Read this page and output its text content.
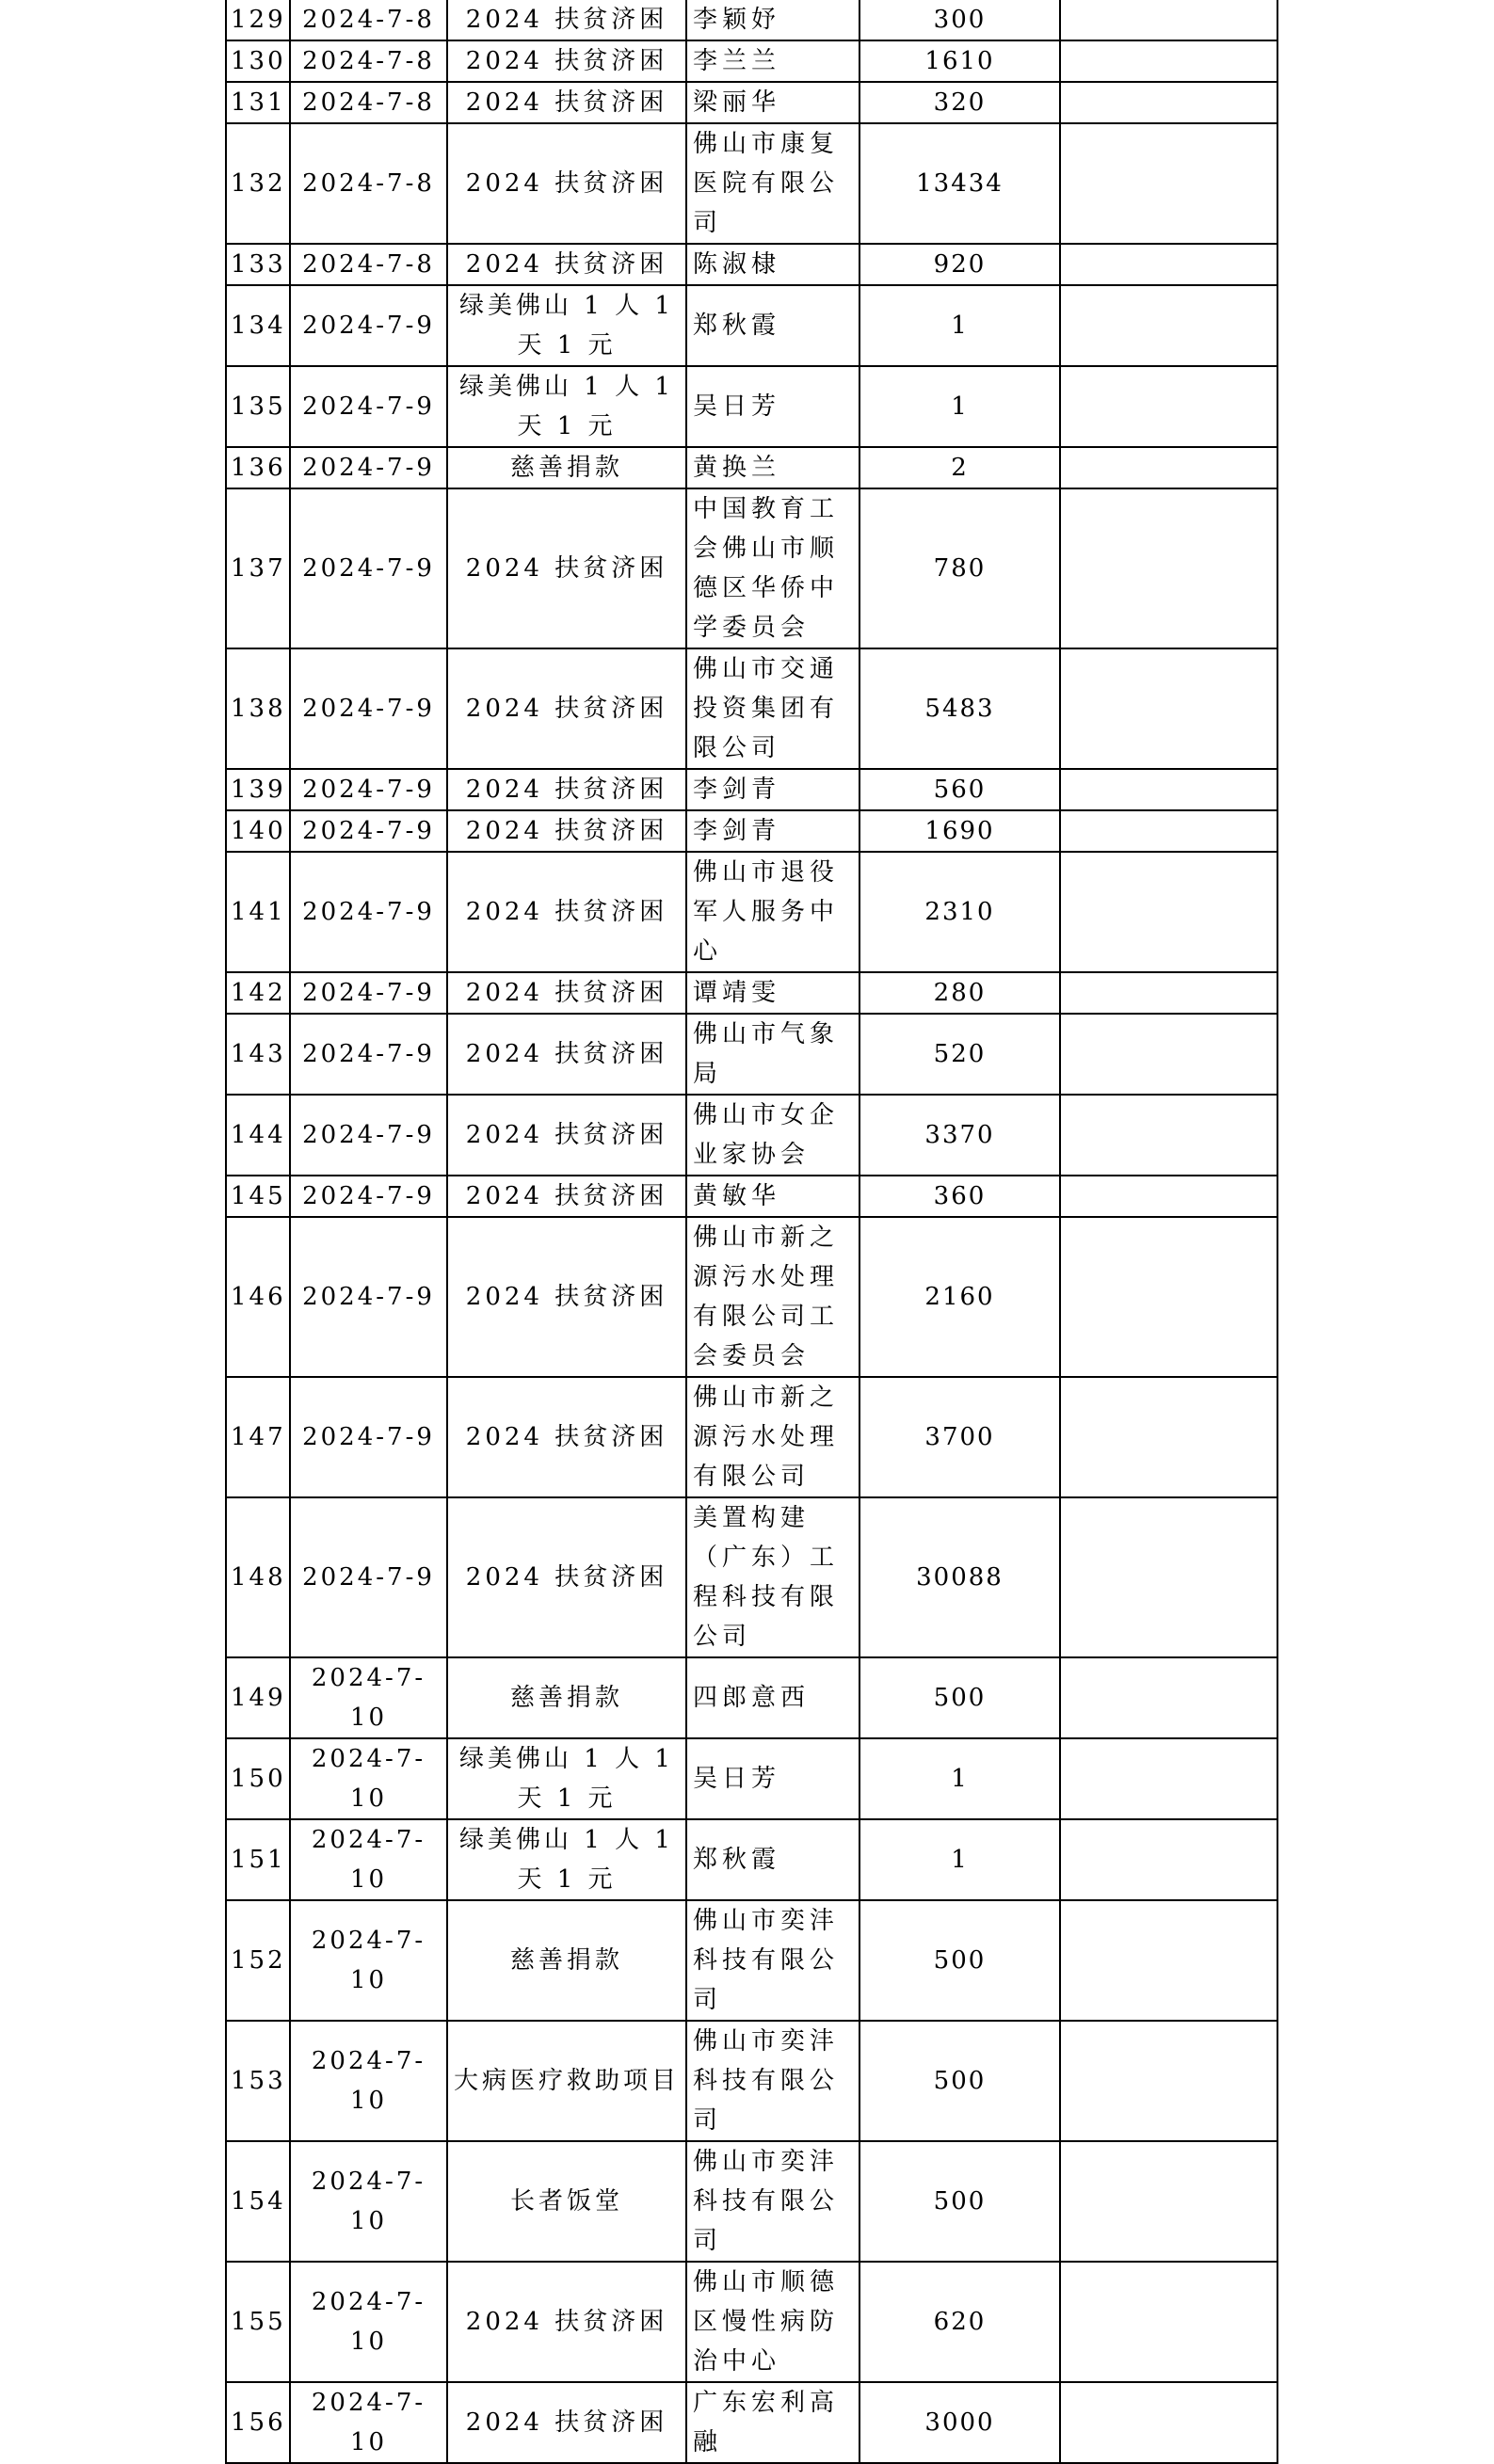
129	2024-7-8	2024 扶贫济困	李颖妤	300	
130	2024-7-8	2024 扶贫济困	李兰兰	1610	
131	2024-7-8	2024 扶贫济困	梁丽华	320	
132	2024-7-8	2024 扶贫济困	佛山市康复医院有限公司	13434	
133	2024-7-8	2024 扶贫济困	陈淑棣	920	
134	2024-7-9	绿美佛山 1 人 1 天 1 元	郑秋霞	1	
135	2024-7-9	绿美佛山 1 人 1 天 1 元	吴日芳	1	
136	2024-7-9	慈善捐款	黄换兰	2	
137	2024-7-9	2024 扶贫济困	中国教育工会佛山市顺德区华侨中学委员会	780	
138	2024-7-9	2024 扶贫济困	佛山市交通投资集团有限公司	5483	
139	2024-7-9	2024 扶贫济困	李剑青	560	
140	2024-7-9	2024 扶贫济困	李剑青	1690	
141	2024-7-9	2024 扶贫济困	佛山市退役军人服务中心	2310	
142	2024-7-9	2024 扶贫济困	谭靖雯	280	
143	2024-7-9	2024 扶贫济困	佛山市气象局	520	
144	2024-7-9	2024 扶贫济困	佛山市女企业家协会	3370	
145	2024-7-9	2024 扶贫济困	黄敏华	360	
146	2024-7-9	2024 扶贫济困	佛山市新之源污水处理有限公司工会委员会	2160	
147	2024-7-9	2024 扶贫济困	佛山市新之源污水处理有限公司	3700	
148	2024-7-9	2024 扶贫济困	美置构建（广东）工程科技有限公司	30088	
149	2024-7-10	慈善捐款	四郎意西	500	
150	2024-7-10	绿美佛山 1 人 1 天 1 元	吴日芳	1	
151	2024-7-10	绿美佛山 1 人 1 天 1 元	郑秋霞	1	
152	2024-7-10	慈善捐款	佛山市奕沣科技有限公司	500	
153	2024-7-10	大病医疗救助项目	佛山市奕沣科技有限公司	500	
154	2024-7-10	长者饭堂	佛山市奕沣科技有限公司	500	
155	2024-7-10	2024 扶贫济困	佛山市顺德区慢性病防治中心	620	
156	2024-7-10	2024 扶贫济困	广东宏利高融	3000	
